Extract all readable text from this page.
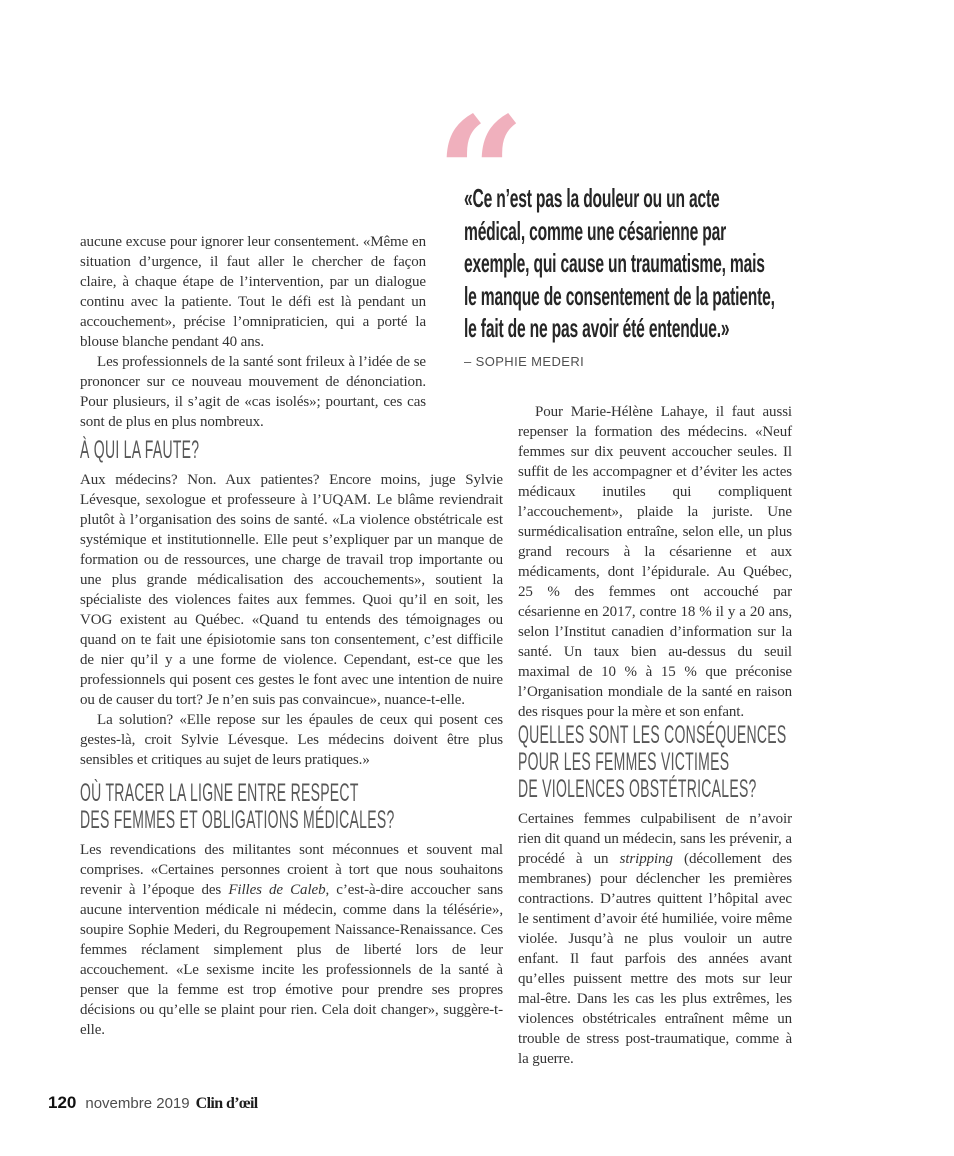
“
«Ce n’est pas la douleur ou un acte
médical, comme une césarienne par
exemple, qui cause un traumatisme, mais
le manque de consentement de la patiente,
le fait de ne pas avoir été entendue.»
– SOPHIE MEDERI

aucune excuse pour ignorer leur consentement. «Même en situation d’urgence, il faut aller le chercher de façon claire, à chaque étape de l’intervention, par un dialogue continu avec la patiente. Tout le défi est là pendant un accouchement», précise l’omnipraticien, qui a porté la blouse blanche pendant 40 ans.

Les professionnels de la santé sont frileux à l’idée de se prononcer sur ce nouveau mouvement de dénonciation. Pour plusieurs, il s’agit de «cas isolés»; pourtant, ces cas sont de plus en plus nombreux.

À QUI LA FAUTE?

Aux médecins? Non. Aux patientes? Encore moins, juge Sylvie Lévesque, sexologue et professeure à l’UQAM. Le blâme reviendrait plutôt à l’organisation des soins de santé. «La violence obstétricale est systémique et institutionnelle. Elle peut s’expliquer par un manque de formation ou de ressources, une charge de travail trop importante ou une plus grande médicalisation des accouchements», soutient la spécialiste des violences faites aux femmes. Quoi qu’il en soit, les VOG existent au Québec. «Quand tu entends des témoignages ou quand on te fait une épisiotomie sans ton consentement, c’est difficile de nier qu’il y a une forme de violence. Cependant, est-ce que les professionnels qui posent ces gestes le font avec une intention de nuire ou de causer du tort? Je n’en suis pas convaincue», nuance-t-elle.

La solution? «Elle repose sur les épaules de ceux qui posent ces gestes-là, croit Sylvie Lévesque. Les médecins doivent être plus sensibles et critiques au sujet de leurs pratiques.»

OÙ TRACER LA LIGNE ENTRE RESPECT
DES FEMMES ET OBLIGATIONS MÉDICALES?

Les revendications des militantes sont méconnues et souvent mal comprises. «Certaines personnes croient à tort que nous souhaitons revenir à l’époque des Filles de Caleb, c’est-à-dire accoucher sans aucune intervention médicale ni médecin, comme dans la télésérie», soupire Sophie Mederi, du Regroupement Naissance-Renaissance. Ces femmes réclament simplement plus de liberté lors de leur accouchement. «Le sexisme incite les professionnels de la santé à penser que la femme est trop émotive pour prendre ses propres décisions ou qu’elle se plaint pour rien. Cela doit changer», suggère-t-elle.

Pour Marie-Hélène Lahaye, il faut aussi repenser la formation des médecins. «Neuf femmes sur dix peuvent accoucher seules. Il suffit de les accompagner et d’éviter les actes médicaux inutiles qui compliquent l’accouchement», plaide la juriste. Une surmédicalisation entraîne, selon elle, un plus grand recours à la césarienne et aux médicaments, dont l’épidurale. Au Québec, 25 % des femmes ont accouché par césarienne en 2017, contre 18 % il y a 20 ans, selon l’Institut canadien d’information sur la santé. Un taux bien au-dessus du seuil maximal de 10 % à 15 % que préconise l’Organisation mondiale de la santé en raison des risques pour la mère et son enfant.

QUELLES SONT LES CONSÉQUENCES
POUR LES FEMMES VICTIMES
DE VIOLENCES OBSTÉTRICALES?

Certaines femmes culpabilisent de n’avoir rien dit quand un médecin, sans les prévenir, a procédé à un stripping (décollement des membranes) pour déclencher les premières contractions. D’autres quittent l’hôpital avec le sentiment d’avoir été humiliée, voire même violée. Jusqu’à ne plus vouloir un autre enfant. Il faut parfois des années avant qu’elles puissent mettre des mots sur leur mal-être. Dans les cas les plus extrêmes, les violences obstétricales entraînent même un trouble de stress post-traumatique, comme à la guerre.

120 novembre 2019 Clin d’œil
